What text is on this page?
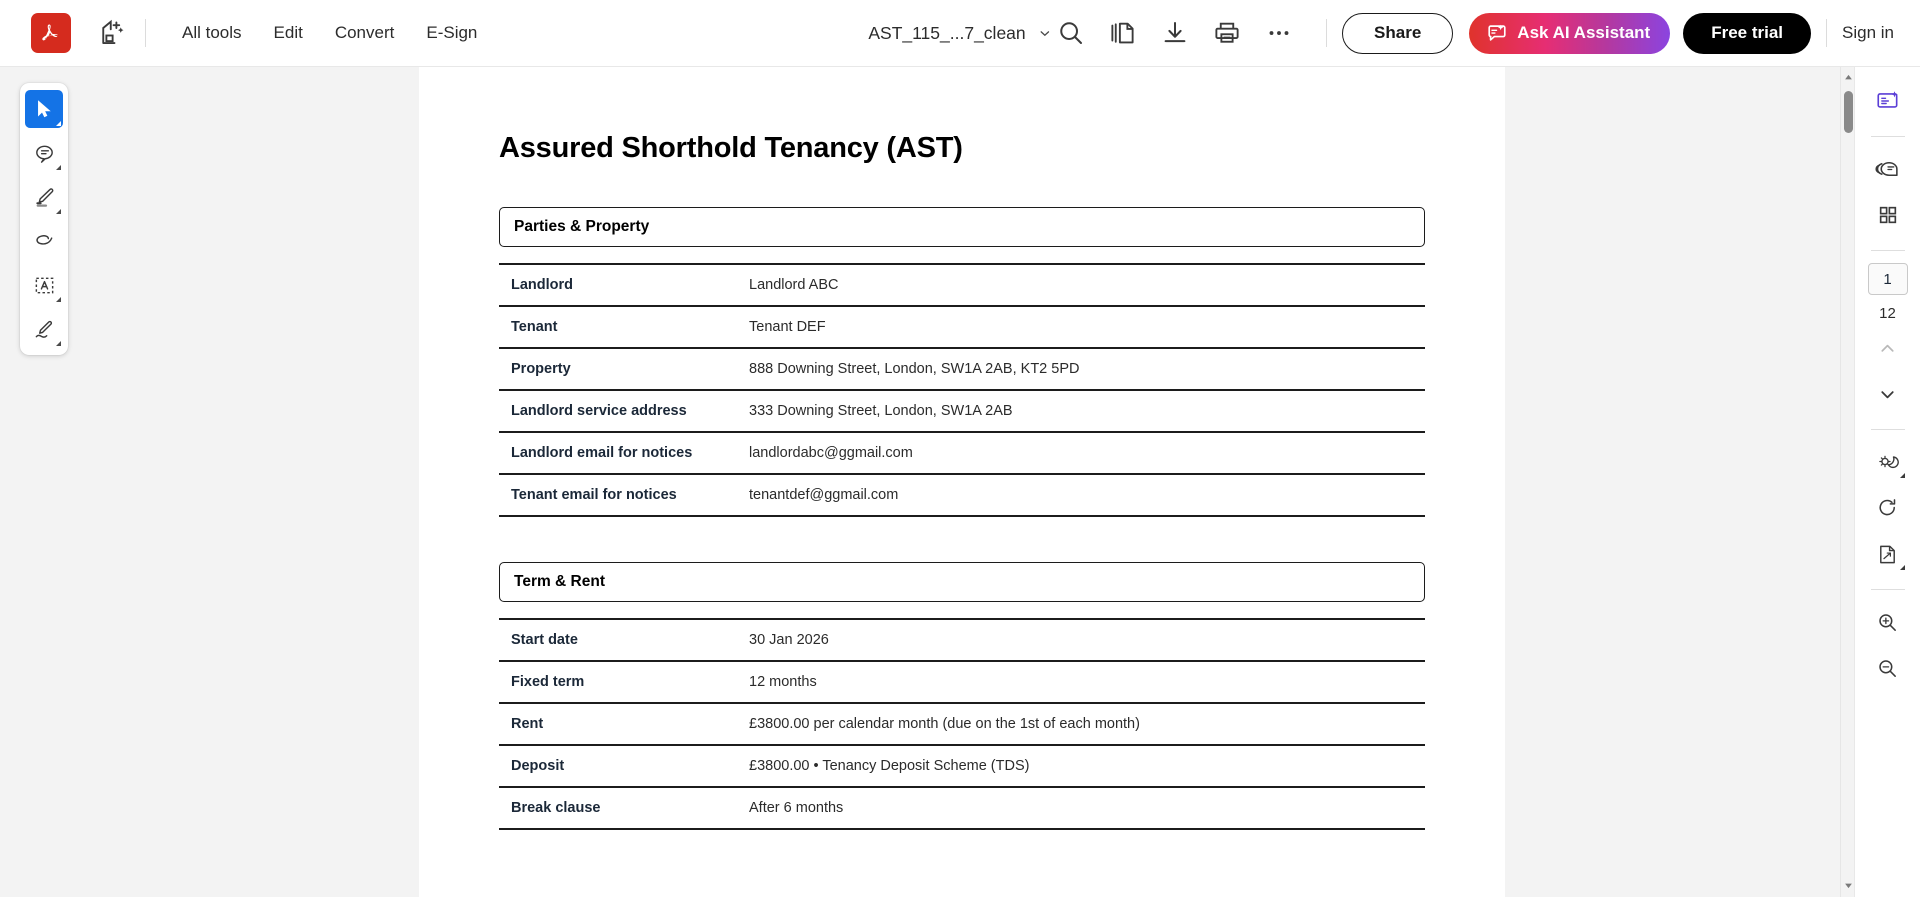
All tools	Edit	Convert	E-Sign	AST_115_...7_clean	Share	Ask AI Assistant	Free trial	Sign in
Assured Shorthold Tenancy (AST)
Parties & Property
Landlord	Landlord ABC
Tenant	Tenant DEF
Property	888 Downing Street, London, SW1A 2AB, KT2 5PD
Landlord service address	333 Downing Street, London, SW1A 2AB
Landlord email for notices	landlordabc@ggmail.com
Tenant email for notices	tenantdef@ggmail.com
Term & Rent
Start date	30 Jan 2026
Fixed term	12 months
Rent	£3800.00 per calendar month (due on the 1st of each month)
Deposit	£3800.00 • Tenancy Deposit Scheme (TDS)
Break clause	After 6 months
1
12
